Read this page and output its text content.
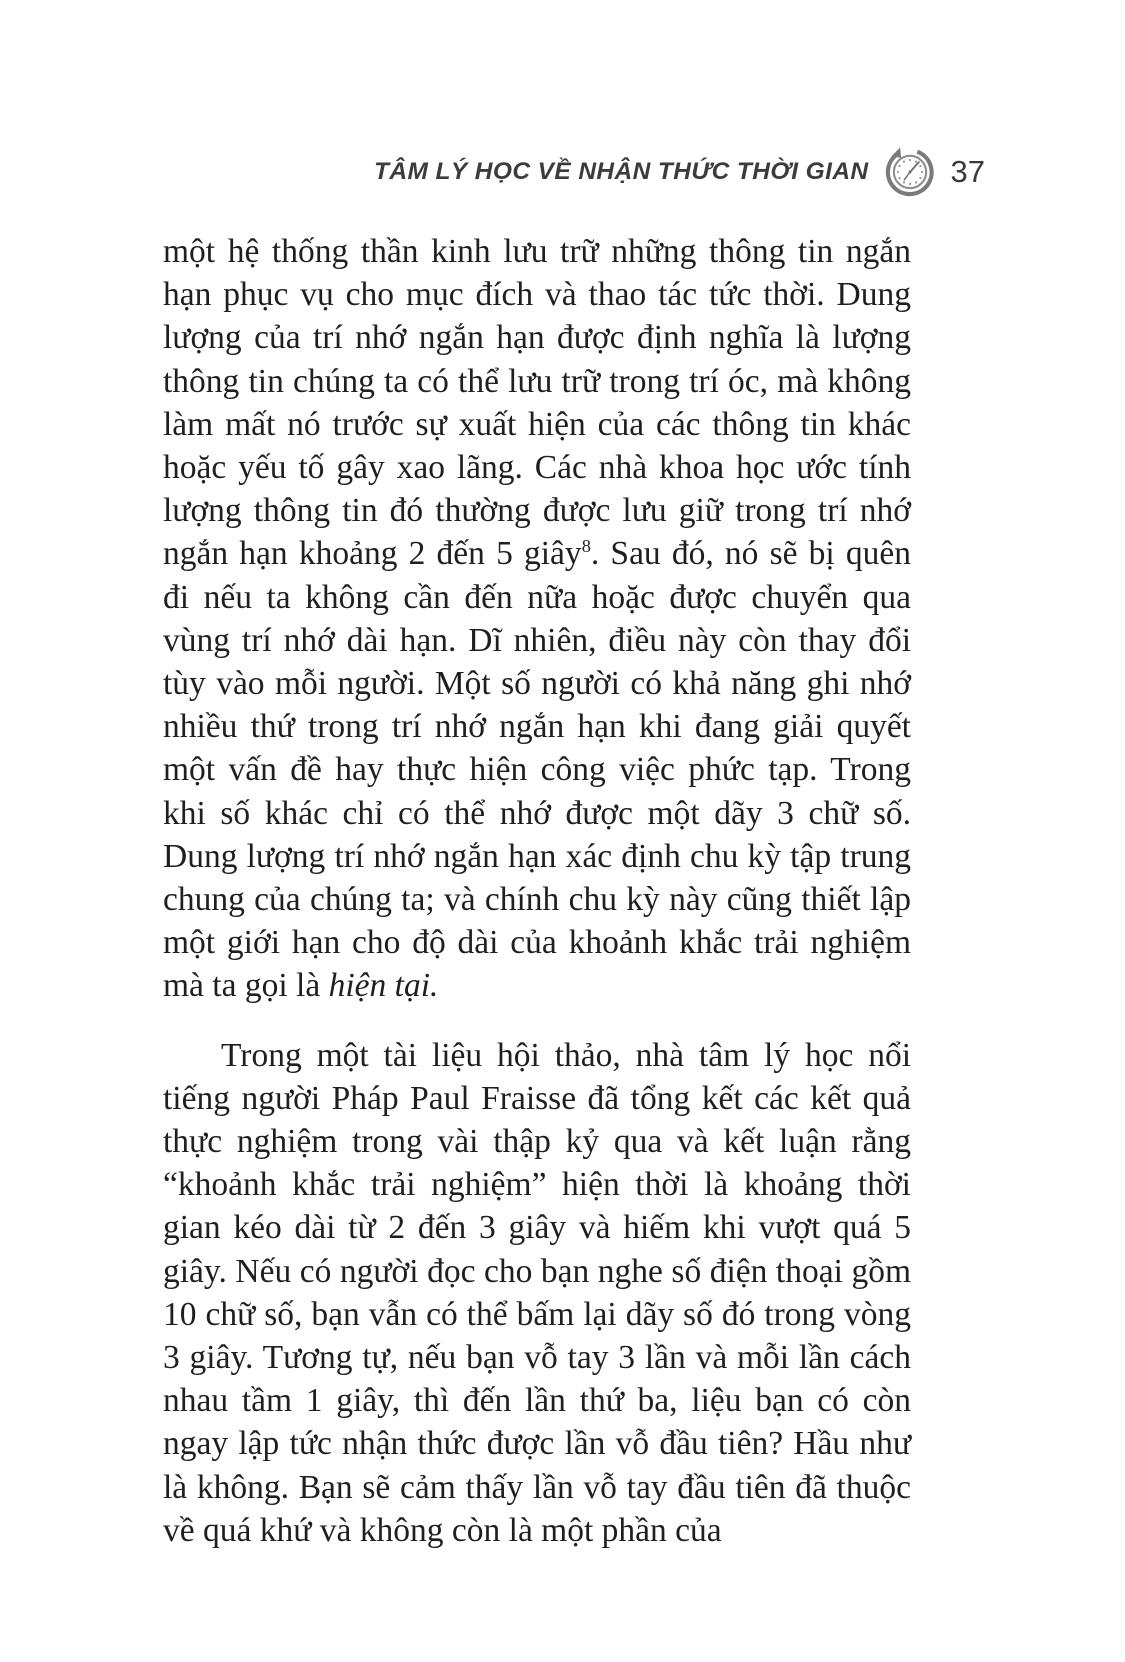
TÂM LÝ HỌC VỀ NHẬN THỨC THỜI GIAN	37

một hệ thống thần kinh lưu trữ những thông tin ngắn hạn phục vụ cho mục đích và thao tác tức thời. Dung lượng của trí nhớ ngắn hạn được định nghĩa là lượng thông tin chúng ta có thể lưu trữ trong trí óc, mà không làm mất nó trước sự xuất hiện của các thông tin khác hoặc yếu tố gây xao lãng. Các nhà khoa học ước tính lượng thông tin đó thường được lưu giữ trong trí nhớ ngắn hạn khoảng 2 đến 5 giây$^8$. Sau đó, nó sẽ bị quên đi nếu ta không cần đến nữa hoặc được chuyển qua vùng trí nhớ dài hạn. Dĩ nhiên, điều này còn thay đổi tùy vào mỗi người. Một số người có khả năng ghi nhớ nhiều thứ trong trí nhớ ngắn hạn khi đang giải quyết một vấn đề hay thực hiện công việc phức tạp. Trong khi số khác chỉ có thể nhớ được một dãy 3 chữ số. Dung lượng trí nhớ ngắn hạn xác định chu kỳ tập trung chung của chúng ta; và chính chu kỳ này cũng thiết lập một giới hạn cho độ dài của khoảnh khắc trải nghiệm mà ta gọi là hiện tại.

Trong một tài liệu hội thảo, nhà tâm lý học nổi tiếng người Pháp Paul Fraisse đã tổng kết các kết quả thực nghiệm trong vài thập kỷ qua và kết luận rằng “khoảnh khắc trải nghiệm” hiện thời là khoảng thời gian kéo dài từ 2 đến 3 giây và hiếm khi vượt quá 5 giây. Nếu có người đọc cho bạn nghe số điện thoại gồm 10 chữ số, bạn vẫn có thể bấm lại dãy số đó trong vòng 3 giây. Tương tự, nếu bạn vỗ tay 3 lần và mỗi lần cách nhau tầm 1 giây, thì đến lần thứ ba, liệu bạn có còn ngay lập tức nhận thức được lần vỗ đầu tiên? Hầu như là không. Bạn sẽ cảm thấy lần vỗ tay đầu tiên đã thuộc về quá khứ và không còn là một phần của
